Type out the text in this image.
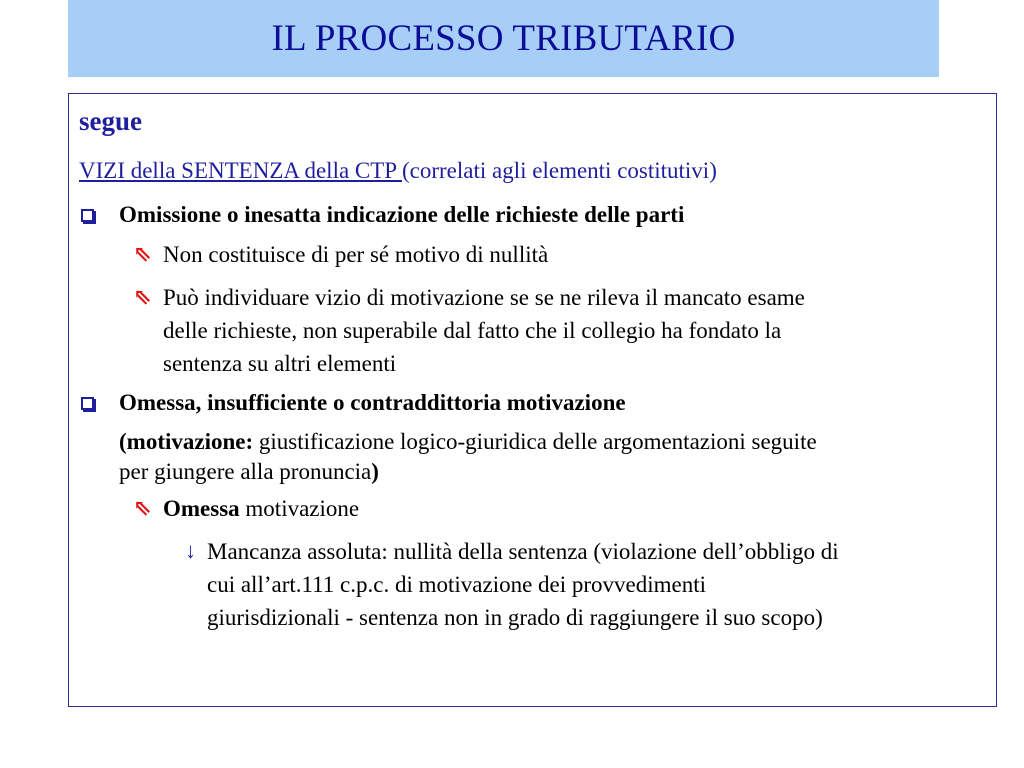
IL PROCESSO TRIBUTARIO
segue
VIZI della SENTENZA della CTP (correlati agli elementi costitutivi)
Omissione o inesatta indicazione delle richieste delle parti
⇖ Non costituisce di per sé motivo di nullità
⇖ Può individuare vizio di motivazione se se ne rileva il mancato esame
delle richieste, non superabile dal fatto che il collegio ha fondato la
sentenza su altri elementi
Omessa, insufficiente o contraddittoria motivazione
(motivazione: giustificazione logico-giuridica delle argomentazioni seguite
per giungere alla pronuncia)
⇖ Omessa motivazione
↓ Mancanza assoluta: nullità della sentenza (violazione dell’obbligo di
cui all’art.111 c.p.c. di motivazione dei provvedimenti
giurisdizionali - sentenza non in grado di raggiungere il suo scopo)
